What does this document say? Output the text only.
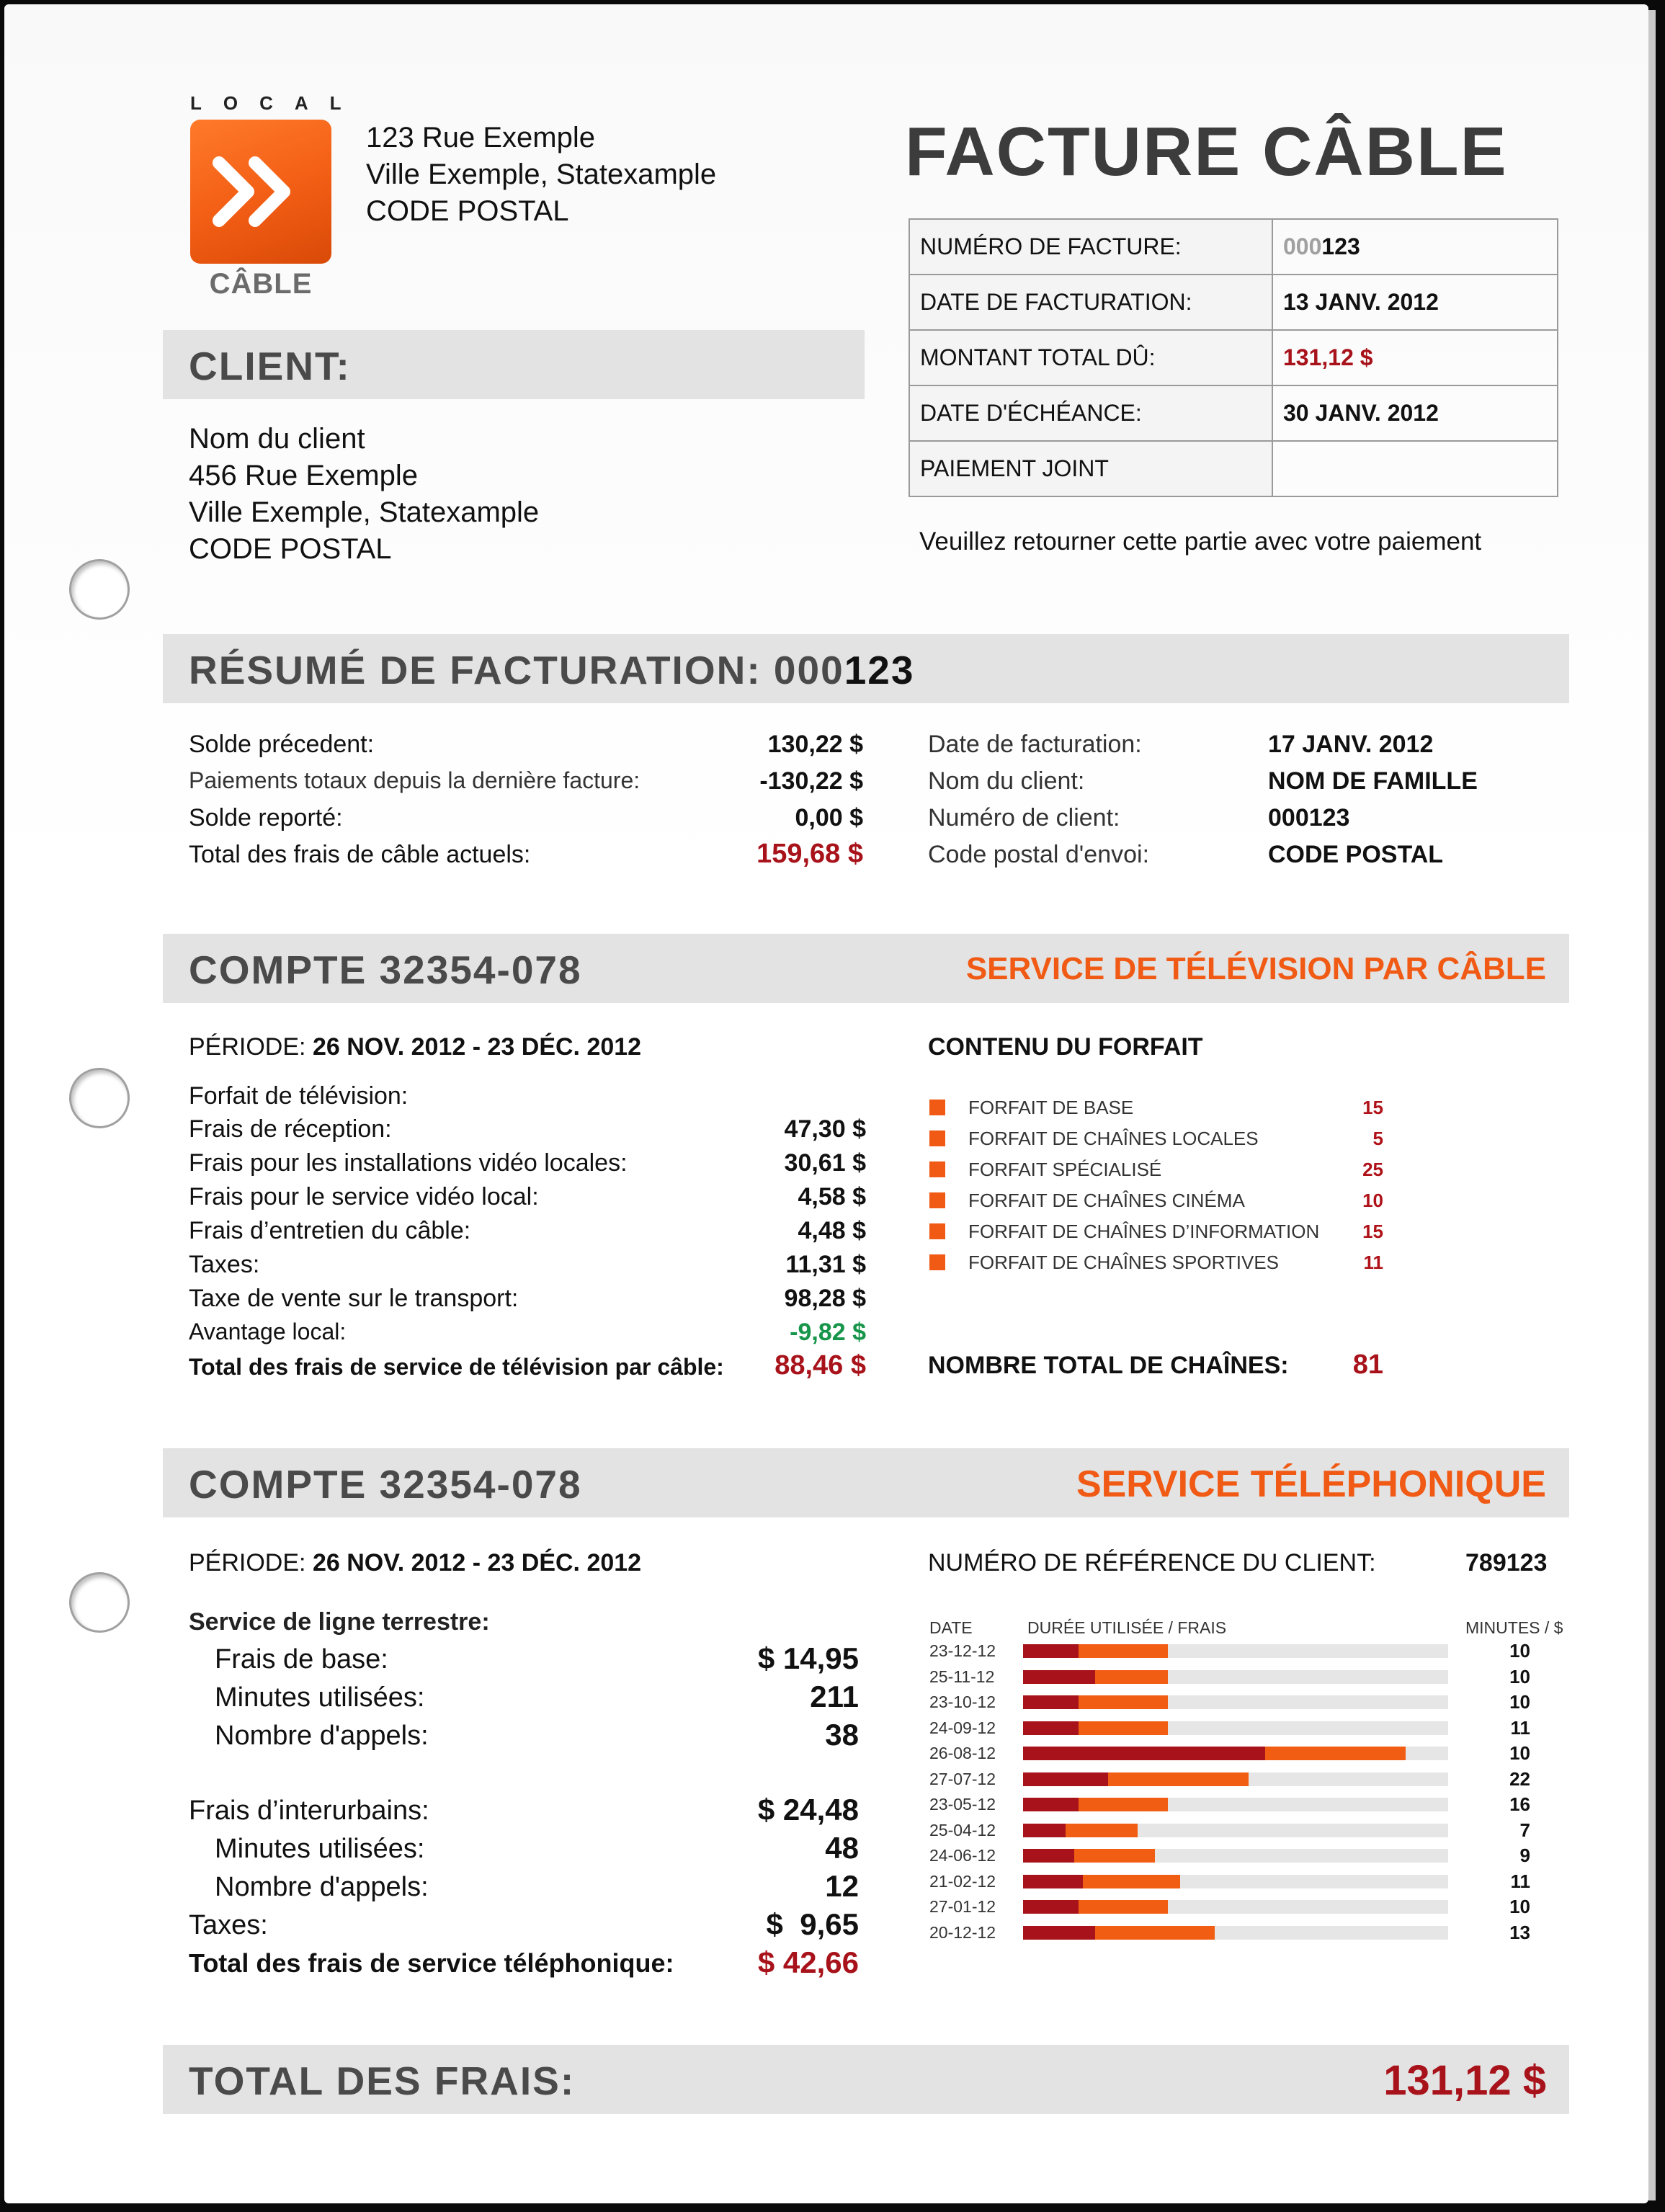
LOCAL
CÂBLE
123 Rue Exemple
Ville Exemple, Statexample
CODE POSTAL
FACTURE CÂBLE
NUMÉRO DE FACTURE:	000123
DATE DE FACTURATION:	13 JANV. 2012
MONTANT TOTAL DÛ:	131,12 $
DATE D'ÉCHÉANCE:	30 JANV. 2012
PAIEMENT JOINT	
Veuillez retourner cette partie avec votre paiement
CLIENT:
Nom du client
456 Rue Exemple
Ville Exemple, Statexample
CODE POSTAL
RÉSUMÉ DE FACTURATION: 000123
Solde précedent:	130,22 $
Paiements totaux depuis la dernière facture:	-130,22 $
Solde reporté:	0,00 $
Total des frais de câble actuels:	159,68 $
Date de facturation:	17 JANV. 2012
Nom du client:	NOM DE FAMILLE
Numéro de client:	000123
Code postal d'envoi:	CODE POSTAL
COMPTE 32354-078	SERVICE DE TÉLÉVISION PAR CÂBLE
PÉRIODE: 26 NOV. 2012 - 23 DÉC. 2012
Forfait de télévision:
Frais de réception:	47,30 $
Frais pour les installations vidéo locales:	30,61 $
Frais pour le service vidéo local:	4,58 $
Frais d’entretien du câble:	4,48 $
Taxes:	11,31 $
Taxe de vente sur le transport:	98,28 $
Avantage local:	-9,82 $
Total des frais de service de télévision par câble:	88,46 $
CONTENU DU FORFAIT
FORFAIT DE BASE	15
FORFAIT DE CHAÎNES LOCALES	5
FORFAIT SPÉCIALISÉ	25
FORFAIT DE CHAÎNES CINÉMA	10
FORFAIT DE CHAÎNES D’INFORMATION	15
FORFAIT DE CHAÎNES SPORTIVES	11
NOMBRE TOTAL DE CHAÎNES:	81
COMPTE 32354-078	SERVICE TÉLÉPHONIQUE
PÉRIODE: 26 NOV. 2012 - 23 DÉC. 2012	NUMÉRO DE RÉFÉRENCE DU CLIENT:	789123
Service de ligne terrestre:
Frais de base:	$ 14,95
Minutes utilisées:	211
Nombre d'appels:	38
Frais d’interurbains:	$ 24,48
Minutes utilisées:	48
Nombre d'appels:	12
Taxes:	$  9,65
Total des frais de service téléphonique:	$ 42,66
DATE	DURÉE UTILISÉE / FRAIS	MINUTES / $
23-12-12	10
25-11-12	10
23-10-12	10
24-09-12	11
26-08-12	10
27-07-12	22
23-05-12	16
25-04-12	7
24-06-12	9
21-02-12	11
27-01-12	10
20-12-12	13
TOTAL DES FRAIS:	131,12 $
